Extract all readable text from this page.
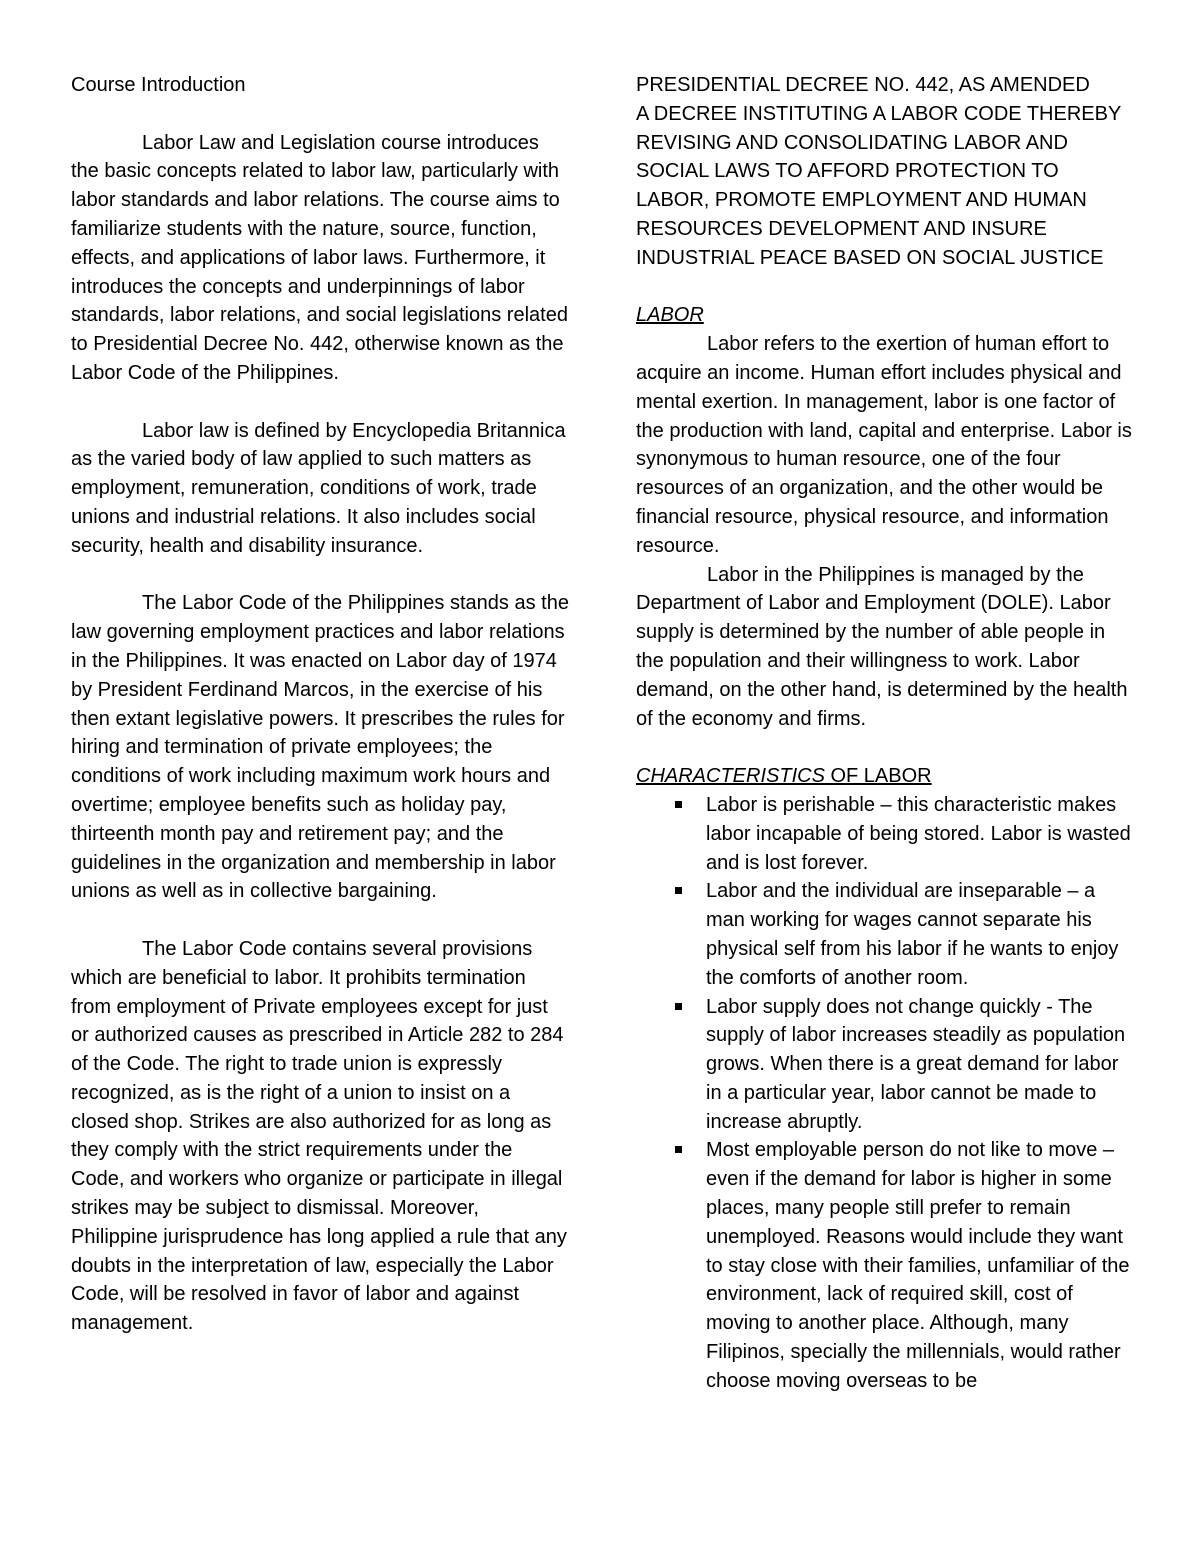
Course Introduction

Labor Law and Legislation course introduces the basic concepts related to labor law, particularly with labor standards and labor relations. The course aims to familiarize students with the nature, source, function, effects, and applications of labor laws. Furthermore, it introduces the concepts and underpinnings of labor standards, labor relations, and social legislations related to Presidential Decree No. 442, otherwise known as the Labor Code of the Philippines.

Labor law is defined by Encyclopedia Britannica as the varied body of law applied to such matters as employment, remuneration, conditions of work, trade unions and industrial relations. It also includes social security, health and disability insurance.

The Labor Code of the Philippines stands as the law governing employment practices and labor relations in the Philippines. It was enacted on Labor day of 1974 by President Ferdinand Marcos, in the exercise of his then extant legislative powers. It prescribes the rules for hiring and termination of private employees; the conditions of work including maximum work hours and overtime; employee benefits such as holiday pay, thirteenth month pay and retirement pay; and the guidelines in the organization and membership in labor unions as well as in collective bargaining.

The Labor Code contains several provisions which are beneficial to labor. It prohibits termination from employment of Private employees except for just or authorized causes as prescribed in Article 282 to 284 of the Code. The right to trade union is expressly recognized, as is the right of a union to insist on a closed shop. Strikes are also authorized for as long as they comply with the strict requirements under the Code, and workers who organize or participate in illegal strikes may be subject to dismissal. Moreover, Philippine jurisprudence has long applied a rule that any doubts in the interpretation of law, especially the Labor Code, will be resolved in favor of labor and against management.

PRESIDENTIAL DECREE NO. 442, AS AMENDED

A DECREE INSTITUTING A LABOR CODE THEREBY REVISING AND CONSOLIDATING LABOR AND SOCIAL LAWS TO AFFORD PROTECTION TO LABOR, PROMOTE EMPLOYMENT AND HUMAN RESOURCES DEVELOPMENT AND INSURE INDUSTRIAL PEACE BASED ON SOCIAL JUSTICE

LABOR

Labor refers to the exertion of human effort to acquire an income. Human effort includes physical and mental exertion. In management, labor is one factor of the production with land, capital and enterprise. Labor is synonymous to human resource, one of the four resources of an organization, and the other would be financial resource, physical resource, and information resource.

Labor in the Philippines is managed by the Department of Labor and Employment (DOLE). Labor supply is determined by the number of able people in the population and their willingness to work. Labor demand, on the other hand, is determined by the health of the economy and firms.

CHARACTERISTICS OF LABOR

Labor is perishable – this characteristic makes labor incapable of being stored. Labor is wasted and is lost forever.
Labor and the individual are inseparable – a man working for wages cannot separate his physical self from his labor if he wants to enjoy the comforts of another room.
Labor supply does not change quickly - The supply of labor increases steadily as population grows. When there is a great demand for labor in a particular year, labor cannot be made to increase abruptly.
Most employable person do not like to move – even if the demand for labor is higher in some places, many people still prefer to remain unemployed. Reasons would include they want to stay close with their families, unfamiliar of the environment, lack of required skill, cost of moving to another place. Although, many Filipinos, specially the millennials, would rather choose moving overseas to be
